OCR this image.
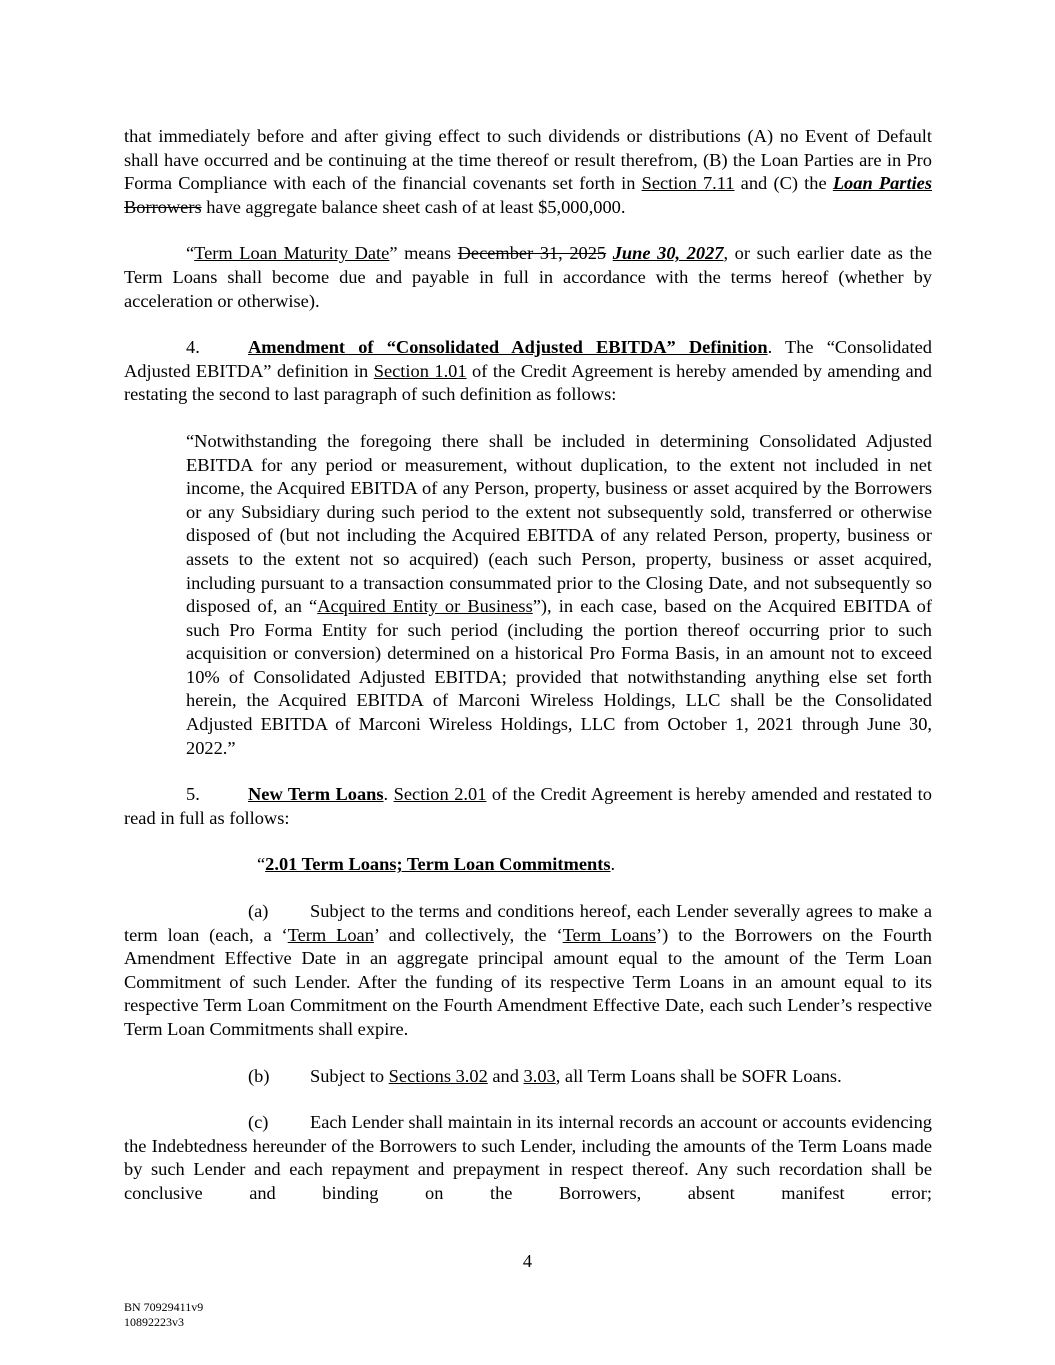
that immediately before and after giving effect to such dividends or distributions (A) no Event of Default shall have occurred and be continuing at the time thereof or result therefrom, (B) the Loan Parties are in Pro Forma Compliance with each of the financial covenants set forth in Section 7.11 and (C) the Loan Parties Borrowers have aggregate balance sheet cash of at least $5,000,000.

“Term Loan Maturity Date” means December 31, 2025 June 30, 2027, or such earlier date as the Term Loans shall become due and payable in full in accordance with the terms hereof (whether by acceleration or otherwise).

4.	Amendment of “Consolidated Adjusted EBITDA” Definition. The “Consolidated Adjusted EBITDA” definition in Section 1.01 of the Credit Agreement is hereby amended by amending and restating the second to last paragraph of such definition as follows:

“Notwithstanding the foregoing there shall be included in determining Consolidated Adjusted EBITDA for any period or measurement, without duplication, to the extent not included in net income, the Acquired EBITDA of any Person, property, business or asset acquired by the Borrowers or any Subsidiary during such period to the extent not subsequently sold, transferred or otherwise disposed of (but not including the Acquired EBITDA of any related Person, property, business or assets to the extent not so acquired) (each such Person, property, business or asset acquired, including pursuant to a transaction consummated prior to the Closing Date, and not subsequently so disposed of, an “Acquired Entity or Business”), in each case, based on the Acquired EBITDA of such Pro Forma Entity for such period (including the portion thereof occurring prior to such acquisition or conversion) determined on a historical Pro Forma Basis, in an amount not to exceed 10% of Consolidated Adjusted EBITDA; provided that notwithstanding anything else set forth herein, the Acquired EBITDA of Marconi Wireless Holdings, LLC shall be the Consolidated Adjusted EBITDA of Marconi Wireless Holdings, LLC from October 1, 2021 through June 30, 2022.”

5.	New Term Loans. Section 2.01 of the Credit Agreement is hereby amended and restated to read in full as follows:

“2.01 Term Loans; Term Loan Commitments.

(a) Subject to the terms and conditions hereof, each Lender severally agrees to make a term loan (each, a ‘Term Loan’ and collectively, the ‘Term Loans’) to the Borrowers on the Fourth Amendment Effective Date in an aggregate principal amount equal to the amount of the Term Loan Commitment of such Lender. After the funding of its respective Term Loans in an amount equal to its respective Term Loan Commitment on the Fourth Amendment Effective Date, each such Lender’s respective Term Loan Commitments shall expire.

(b) Subject to Sections 3.02 and 3.03, all Term Loans shall be SOFR Loans.

(c) Each Lender shall maintain in its internal records an account or accounts evidencing the Indebtedness hereunder of the Borrowers to such Lender, including the amounts of the Term Loans made by such Lender and each repayment and prepayment in respect thereof. Any such recordation shall be conclusive and binding on the Borrowers, absent manifest error;

4
BN 70929411v9
10892223v3
